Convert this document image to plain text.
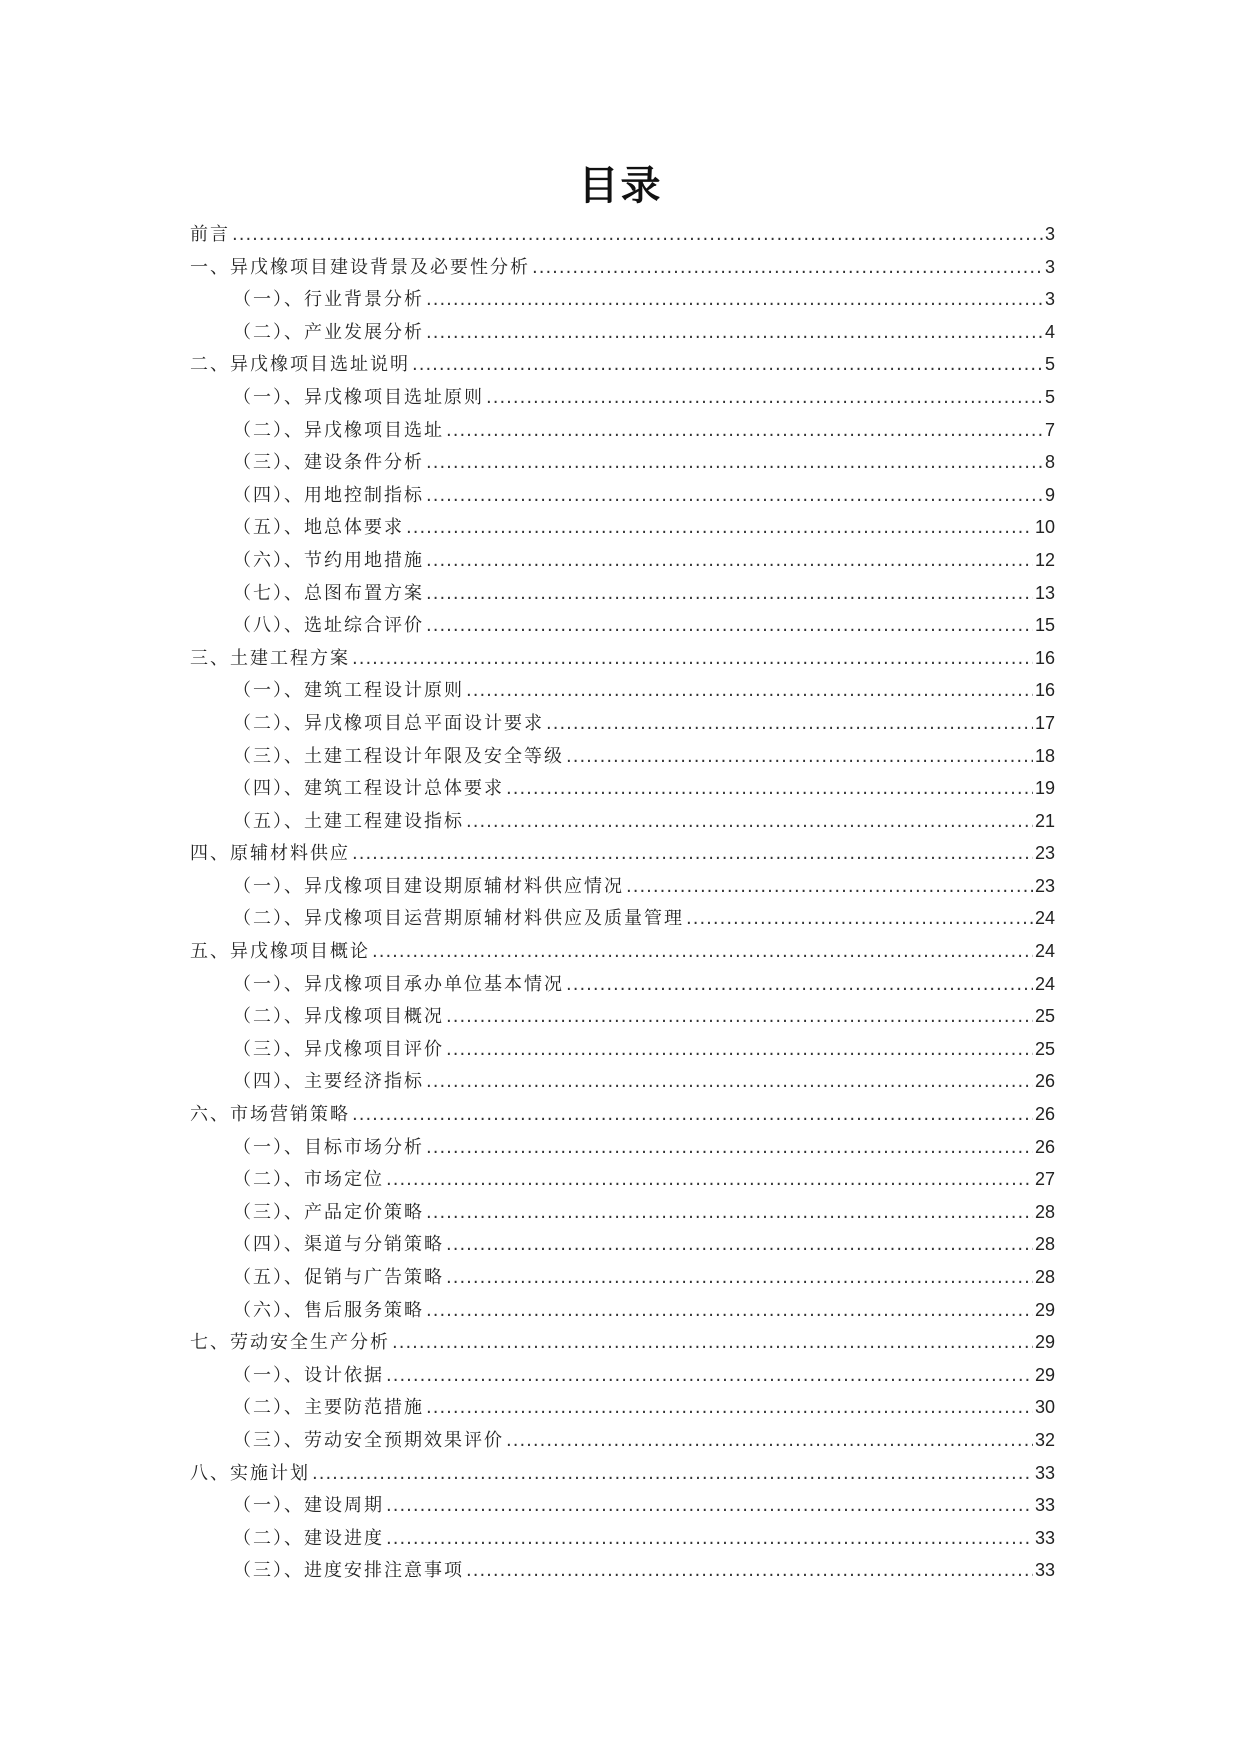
目录
前言 .....	3
一、异戊橡项目建设背景及必要性分析 .....	3
（一）、行业背景分析 .....	3
（二）、产业发展分析 .....	4
二、异戊橡项目选址说明 .....	5
（一）、异戊橡项目选址原则 .....	5
（二）、异戊橡项目选址 .....	7
（三）、建设条件分析 .....	8
（四）、用地控制指标 .....	9
（五）、地总体要求 .....	10
（六）、节约用地措施 .....	12
（七）、总图布置方案 .....	13
（八）、选址综合评价 .....	15
三、土建工程方案 .....	16
（一）、建筑工程设计原则 .....	16
（二）、异戊橡项目总平面设计要求 .....	17
（三）、土建工程设计年限及安全等级 .....	18
（四）、建筑工程设计总体要求 .....	19
（五）、土建工程建设指标 .....	21
四、原辅材料供应 .....	23
（一）、异戊橡项目建设期原辅材料供应情况 .....	23
（二）、异戊橡项目运营期原辅材料供应及质量管理 .....	24
五、异戊橡项目概论 .....	24
（一）、异戊橡项目承办单位基本情况 .....	24
（二）、异戊橡项目概况 .....	25
（三）、异戊橡项目评价 .....	25
（四）、主要经济指标 .....	26
六、市场营销策略 .....	26
（一）、目标市场分析 .....	26
（二）、市场定位 .....	27
（三）、产品定价策略 .....	28
（四）、渠道与分销策略 .....	28
（五）、促销与广告策略 .....	28
（六）、售后服务策略 .....	29
七、劳动安全生产分析 .....	29
（一）、设计依据 .....	29
（二）、主要防范措施 .....	30
（三）、劳动安全预期效果评价 .....	32
八、实施计划 .....	33
（一）、建设周期 .....	33
（二）、建设进度 .....	33
（三）、进度安排注意事项 .....	33
